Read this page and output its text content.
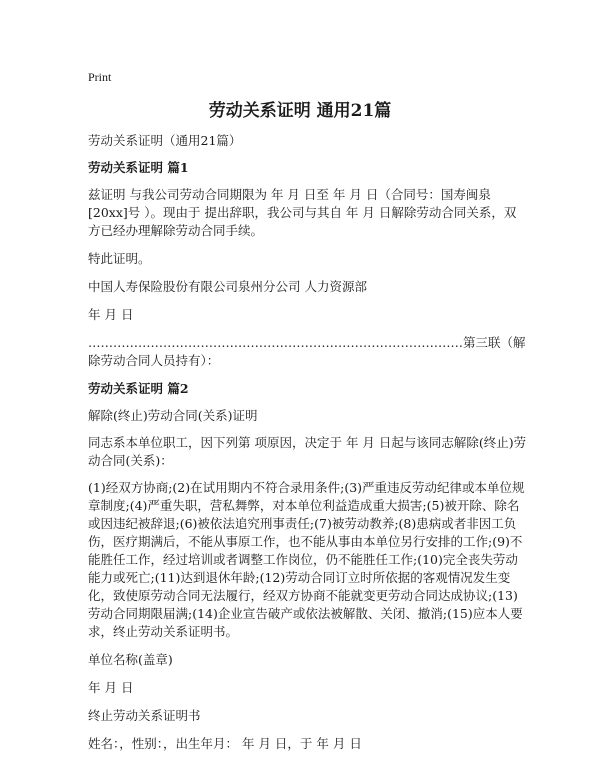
Print
劳动关系证明 通用21篇

劳动关系证明（通用21篇）

劳动关系证明 篇1

兹证明 与我公司劳动合同期限为 年 月 日至 年 月 日（合同号：国寿闽泉[20xx]号 ）。现由于 提出辞职，我公司与其自 年 月 日解除劳动合同关系，双方已经办理解除劳动合同手续。

特此证明。

中国人寿保险股份有限公司泉州分公司 人力资源部

年 月 日

………………………………………………………………………………第三联（解除劳动合同人员持有）：

劳动关系证明 篇2

解除(终止)劳动合同(关系)证明

同志系本单位职工，因下列第 项原因，决定于 年 月 日起与该同志解除(终止)劳动合同(关系)：

(1)经双方协商;(2)在试用期内不符合录用条件;(3)严重违反劳动纪律或本单位规章制度;(4)严重失职，营私舞弊，对本单位利益造成重大损害;(5)被开除、除名或因违纪被辞退;(6)被依法追究刑事责任;(7)被劳动教养;(8)患病或者非因工负伤，医疗期满后，不能从事原工作，也不能从事由本单位另行安排的工作;(9)不能胜任工作，经过培训或者调整工作岗位，仍不能胜任工作;(10)完全丧失劳动能力或死亡;(11)达到退休年龄;(12)劳动合同订立时所依据的客观情况发生变化，致使原劳动合同无法履行，经双方协商不能就变更劳动合同达成协议;(13)劳动合同期限届满;(14)企业宣告破产或依法被解散、关闭、撤消;(15)应本人要求，终止劳动关系证明书。

单位名称(盖章)

年 月 日

终止劳动关系证明书

姓名：，性别：，出生年月： 年 月 日，于 年 月 日
